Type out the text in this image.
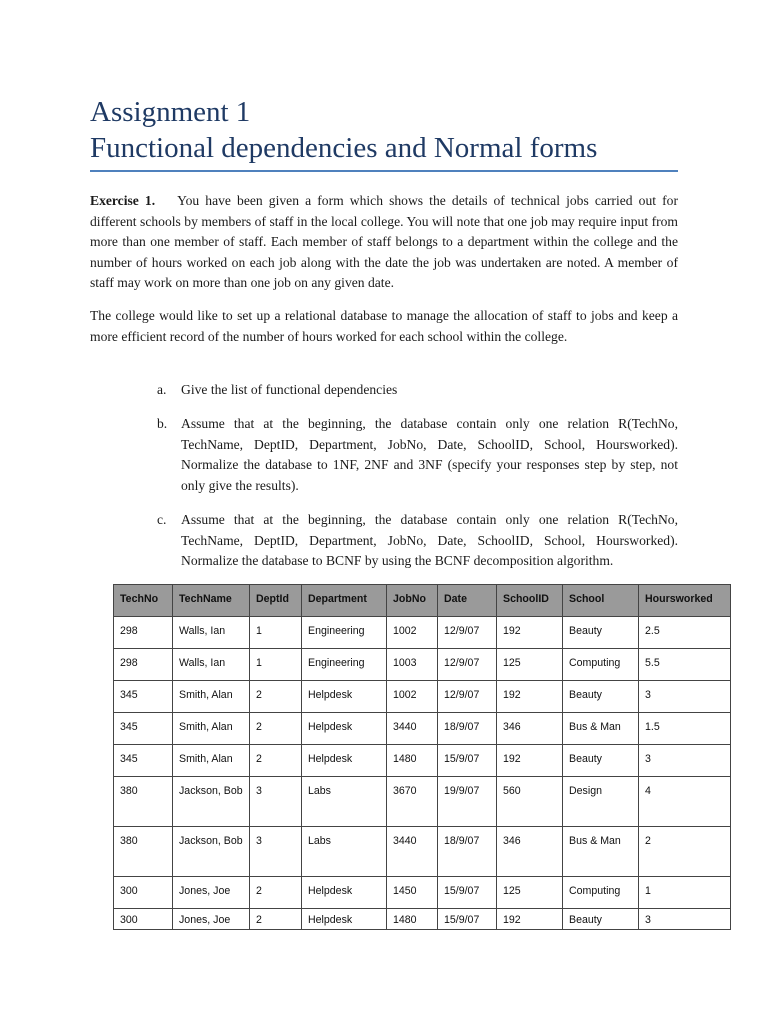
Assignment 1

Functional dependencies and Normal forms

Exercise 1. You have been given a form which shows the details of technical jobs carried out for different schools by members of staff in the local college. You will note that one job may require input from more than one member of staff. Each member of staff belongs to a department within the college and the number of hours worked on each job along with the date the job was undertaken are noted. A member of staff may work on more than one job on any given date.

The college would like to set up a relational database to manage the allocation of staff to jobs and keep a more efficient record of the number of hours worked for each school within the college.

a. Give the list of functional dependencies
b. Assume that at the beginning, the database contain only one relation R(TechNo, TechName, DeptID, Department, JobNo, Date, SchoolID, School, Hoursworked). Normalize the database to 1NF, 2NF and 3NF (specify your responses step by step, not only give the results).
c. Assume that at the beginning, the database contain only one relation R(TechNo, TechName, DeptID, Department, JobNo, Date, SchoolID, School, Hoursworked). Normalize the database to BCNF by using the BCNF decomposition algorithm.
TechNo	TechName	DeptId	Department	JobNo	Date	SchoolID	School	Hoursworked
298	Walls, Ian	1	Engineering	1002	12/9/07	192	Beauty	2.5
298	Walls, Ian	1	Engineering	1003	12/9/07	125	Computing	5.5
345	Smith, Alan	2	Helpdesk	1002	12/9/07	192	Beauty	3
345	Smith, Alan	2	Helpdesk	3440	18/9/07	346	Bus & Man	1.5
345	Smith, Alan	2	Helpdesk	1480	15/9/07	192	Beauty	3
380	Jackson, Bob	3	Labs	3670	19/9/07	560	Design	4
380	Jackson, Bob	3	Labs	3440	18/9/07	346	Bus & Man	2
300	Jones, Joe	2	Helpdesk	1450	15/9/07	125	Computing	1
300	Jones, Joe	2	Helpdesk	1480	15/9/07	192	Beauty	3
